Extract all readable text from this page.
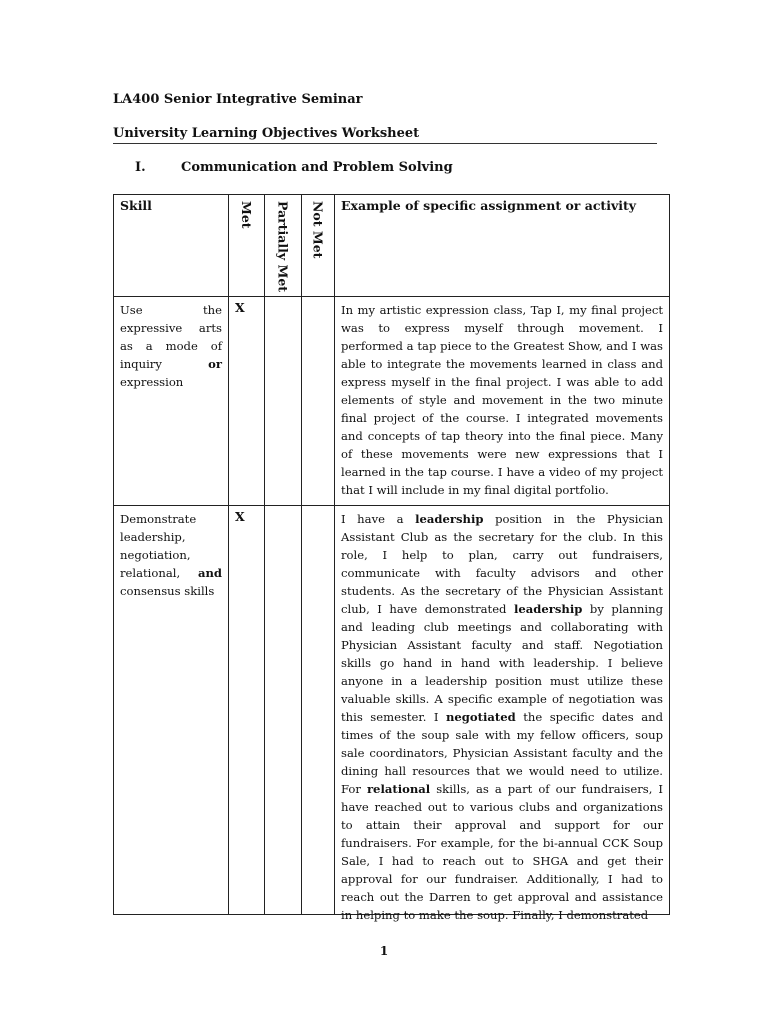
LA400 Senior Integrative Seminar
University Learning Objectives Worksheet
I.	Communication and Problem Solving
Skill	Met	Partially Met	Not Met	Example of specific assignment or activity

Use the expressive arts as a mode of inquiry or expression	X			In my artistic expression class, Tap I, my final project was to express myself through movement. I performed a tap piece to the Greatest Show, and I was able to integrate the movements learned in class and express myself in the final project. I was able to add elements of style and movement in the two minute final project of the course. I integrated movements and concepts of tap theory into the final piece. Many of these movements were new expressions that I learned in the tap course. I have a video of my project that I will include in my final digital portfolio.

Demonstrate leadership, negotiation, relational, and consensus skills	X			I have a leadership position in the Physician Assistant Club as the secretary for the club. In this role, I help to plan, carry out fundraisers, communicate with faculty advisors and other students. As the secretary of the Physician Assistant club, I have demonstrated leadership by planning and leading club meetings and collaborating with Physician Assistant faculty and staff. Negotiation skills go hand in hand with leadership. I believe anyone in a leadership position must utilize these valuable skills. A specific example of negotiation was this semester. I negotiated the specific dates and times of the soup sale with my fellow officers, soup sale coordinators, Physician Assistant faculty and the dining hall resources that we would need to utilize. For relational skills, as a part of our fundraisers, I have reached out to various clubs and organizations to attain their approval and support for our fundraisers. For example, for the bi-annual CCK Soup Sale, I had to reach out to SHGA and get their approval for our fundraiser. Additionally, I had to reach out the Darren to get approval and assistance in helping to make the soup. Finally, I demonstrated
1
